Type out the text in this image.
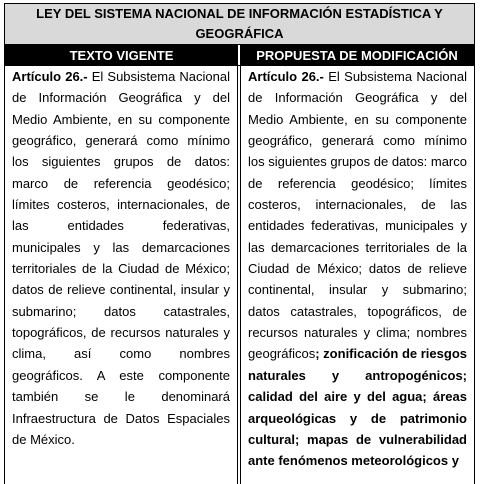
LEY DEL SISTEMA NACIONAL DE INFORMACIÓN ESTADÍSTICA Y GEOGRÁFICA
TEXTO VIGENTE	PROPUESTA DE MODIFICACIÓN
Artículo 26.- El Subsistema Nacional de Información Geográfica y del Medio Ambiente, en su componente geográfico, generará como mínimo los siguientes grupos de datos: marco de referencia geodésico; límites costeros, internacionales, de las entidades federativas, municipales y las demarcaciones territoriales de la Ciudad de México; datos de relieve continental, insular y submarino; datos catastrales, topográficos, de recursos naturales y clima, así como nombres geográficos. A este componente también se le denominará Infraestructura de Datos Espaciales de México.
Artículo 26.- El Subsistema Nacional de Información Geográfica y del Medio Ambiente, en su componente geográfico, generará como mínimo los siguientes grupos de datos: marco de referencia geodésico; límites costeros, internacionales, de las entidades federativas, municipales y las demarcaciones territoriales de la Ciudad de México; datos de relieve continental, insular y submarino; datos catastrales, topográficos, de recursos naturales y clima; nombres geográficos; zonificación de riesgos naturales y antropogénicos; calidad del aire y del agua; áreas arqueológicas y de patrimonio cultural; mapas de vulnerabilidad ante fenómenos meteorológicos y
